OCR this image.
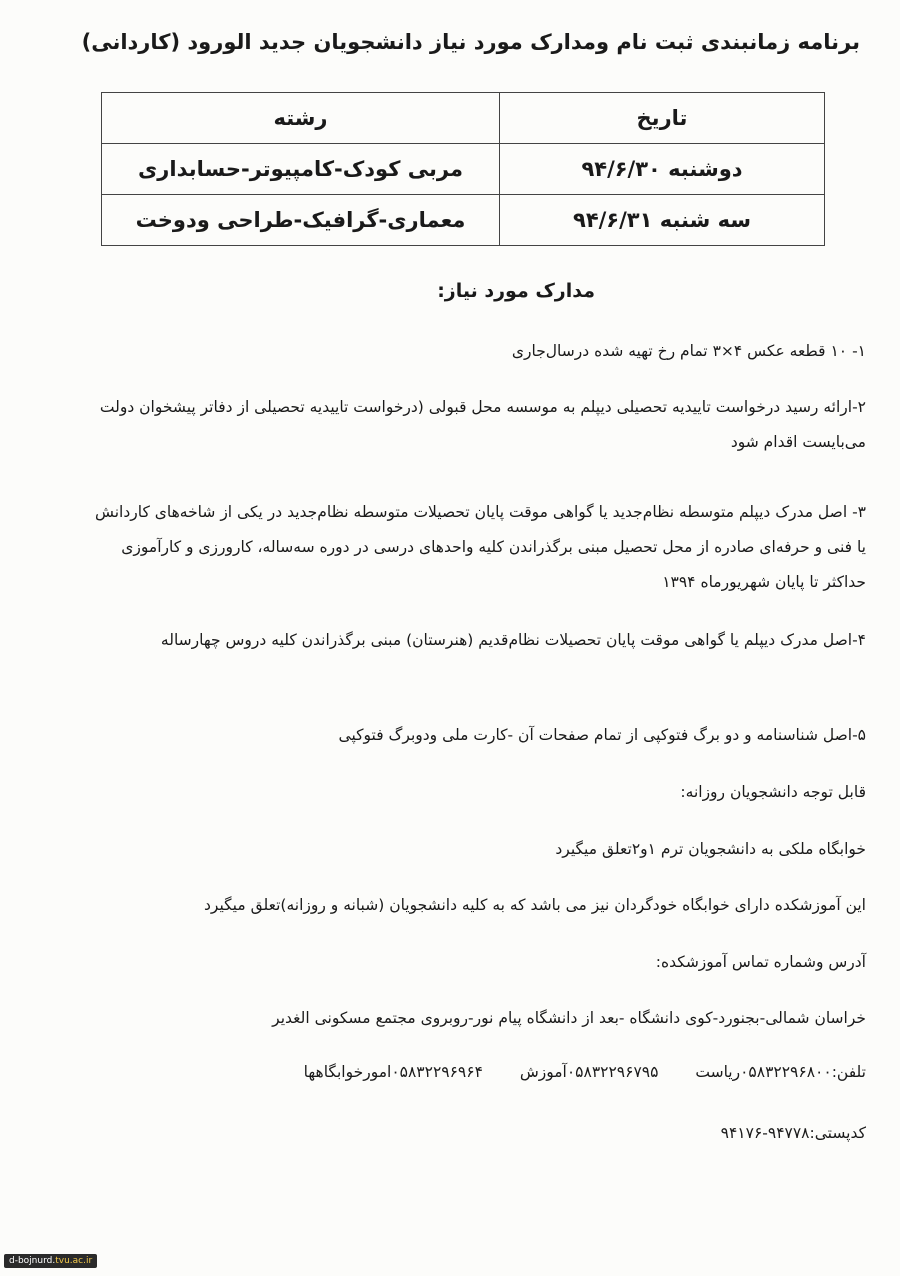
برنامه زمانبندی ثبت نام ومدارک مورد نیاز دانشجویان جدید الورود (کاردانی)
تاریخ	رشته
دوشنبه ۹۴/۶/۳۰	مربی کودک-کامپیوتر-حسابداری
سه شنبه ۹۴/۶/۳۱	معماری-گرافیک-طراحی ودوخت
مدارک مورد نیاز:
۱- ۱۰ قطعه عکس ۴×۳ تمام رخ تهیه شده درسال‌جاری
۲-ارائه رسید درخواست تاییدیه تحصیلی دیپلم به موسسه محل قبولی (درخواست تاییدیه تحصیلی از دفاتر پیشخوان دولت می‌بایست اقدام شود
۳- اصل مدرک دیپلم متوسطه نظام‌جدید یا گواهی موقت پایان تحصیلات متوسطه نظام‌جدید در یکی از شاخه‌های کاردانش یا فنی و حرفه‌ای صادره از محل تحصیل مبنی برگذراندن کلیه واحدهای درسی در دوره سه‌ساله، کارورزی و کارآموزی حداکثر تا پایان شهریورماه ۱۳۹۴
۴-اصل مدرک دیپلم یا گواهی موقت پایان تحصیلات نظام‌قدیم (هنرستان) مبنی برگذراندن کلیه دروس چهارساله
۵-اصل شناسنامه و دو برگ فتوکپی از تمام صفحات آن -کارت ملی ودوبرگ فتوکپی
قابل توجه دانشجویان روزانه:
خوابگاه ملکی به دانشجویان ترم ۱و۲تعلق میگیرد
این آموزشکده دارای خوابگاه خودگردان نیز می باشد که به کلیه دانشجویان (شبانه و روزانه)تعلق میگیرد
آدرس وشماره تماس آموزشکده:
خراسان شمالی-بجنورد-کوی دانشگاه -بعد از دانشگاه پیام نور-روبروی مجتمع مسکونی الغدیر
تلفن:۰۵۸۳۲۲۹۶۸۰۰ریاست ۰۵۸۳۲۲۹۶۷۹۵آموزش ۰۵۸۳۲۲۹۶۹۶۴امورخوابگاهها
کدپستی:۹۴۷۷۸-۹۴۱۷۶
d-bojnurd.tvu.ac.ir
